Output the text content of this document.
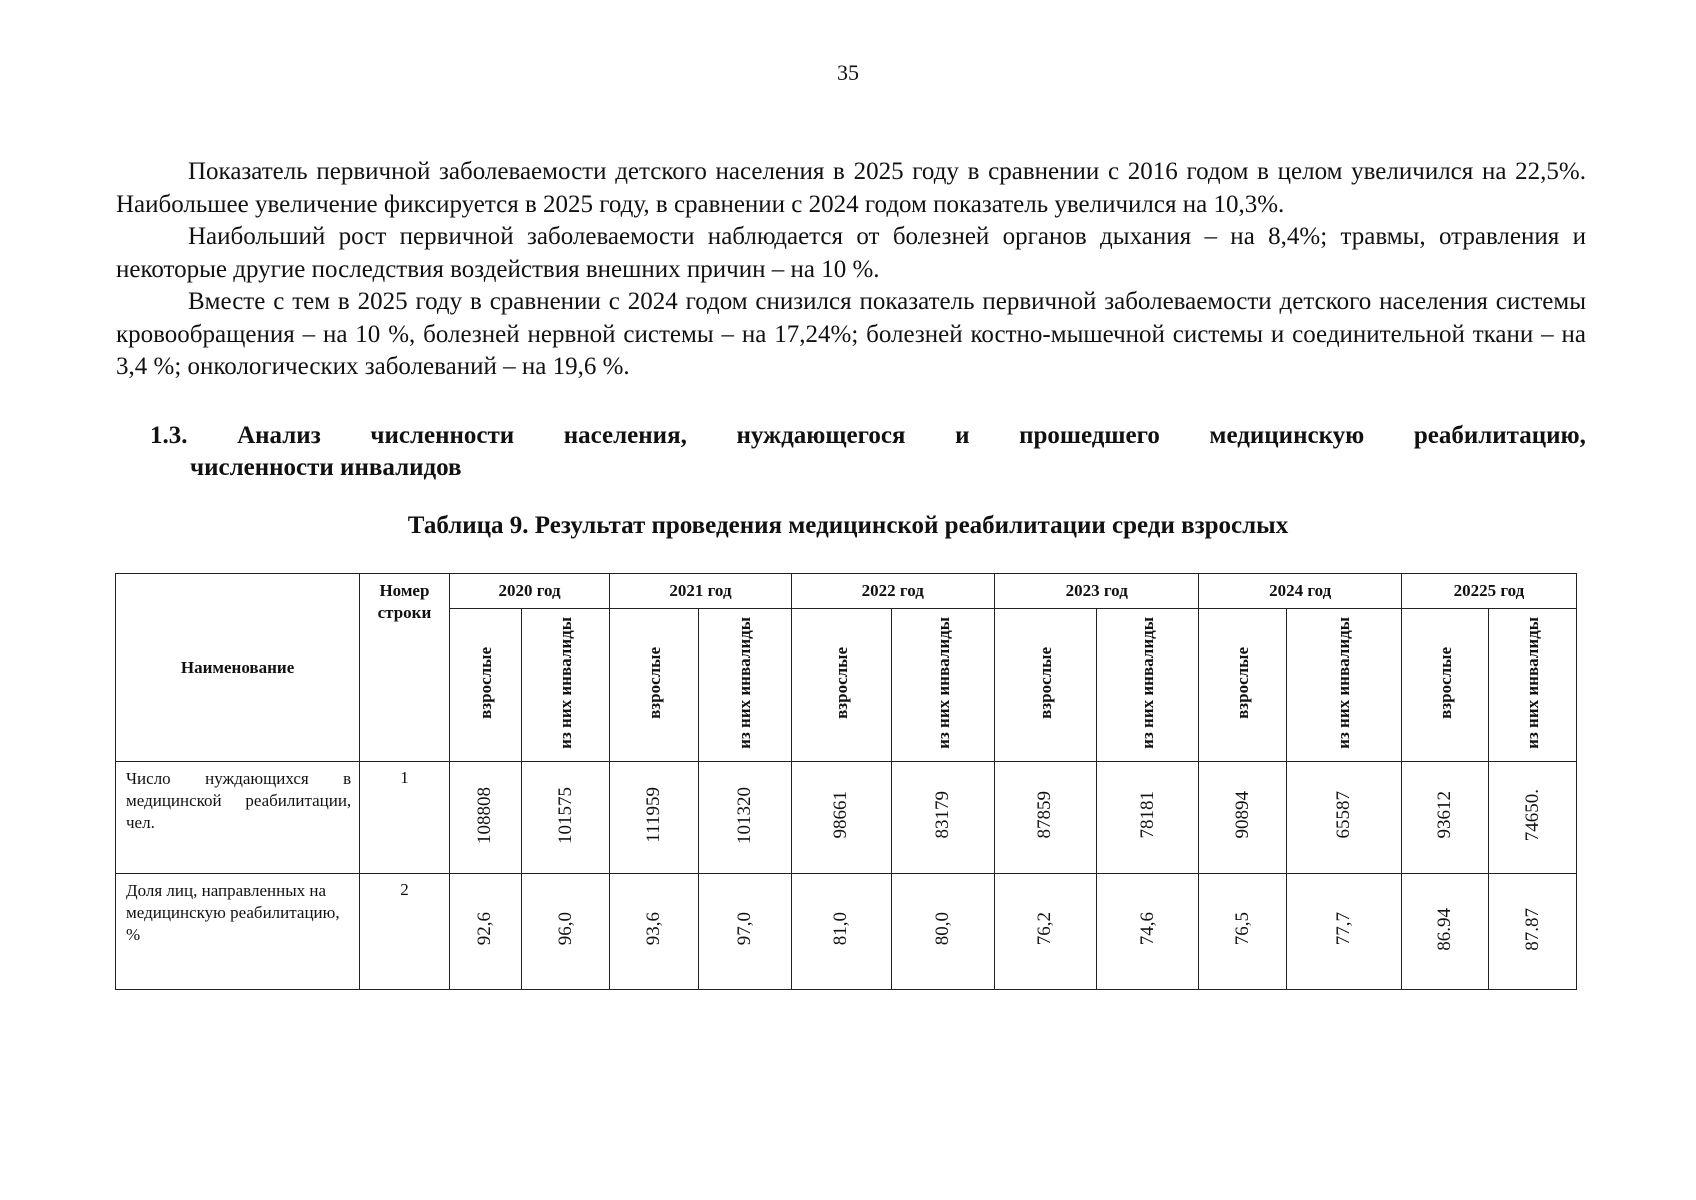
35

Показатель первичной заболеваемости детского населения в 2025 году в сравнении с 2016 годом в целом увеличился на 22,5%. Наибольшее увеличение фиксируется в 2025 году, в сравнении с 2024 годом показатель увеличился на 10,3%.

Наибольший рост первичной заболеваемости наблюдается от болезней органов дыхания – на 8,4%; травмы, отравления и некоторые другие последствия воздействия внешних причин – на 10 %.

Вместе с тем в 2025 году в сравнении с 2024 годом снизился показатель первичной заболеваемости детского населения системы кровообращения – на 10 %, болезней нервной системы – на 17,24%; болезней костно-мышечной системы и соединительной ткани – на 3,4 %; онкологических заболеваний – на 19,6 %.

1.3. Анализ численности населения, нуждающегося и прошедшего медицинскую реабилитацию,
численности инвалидов
Таблица 9. Результат проведения медицинской реабилитации среди взрослых
Наименование	Номер строки	2020 год		2021 год		2022 год		2023 год		2024 год		20225 год	
		взрослые	из них инвалиды	взрослые	из них инвалиды	взрослые	из них инвалиды	взрослые	из них инвалиды	взрослые	из них инвалиды	взрослые	из них инвалиды
Число нуждающихся в медицинской реабилитации, чел.	1	108808	101575	111959	101320	98661	83179	87859	78181	90894	65587	93612	74650.
Доля лиц, направленных на медицинскую реабилитацию, %	2	92,6	96,0	93,6	97,0	81,0	80,0	76,2	74,6	76,5	77,7	86.94	87.87
